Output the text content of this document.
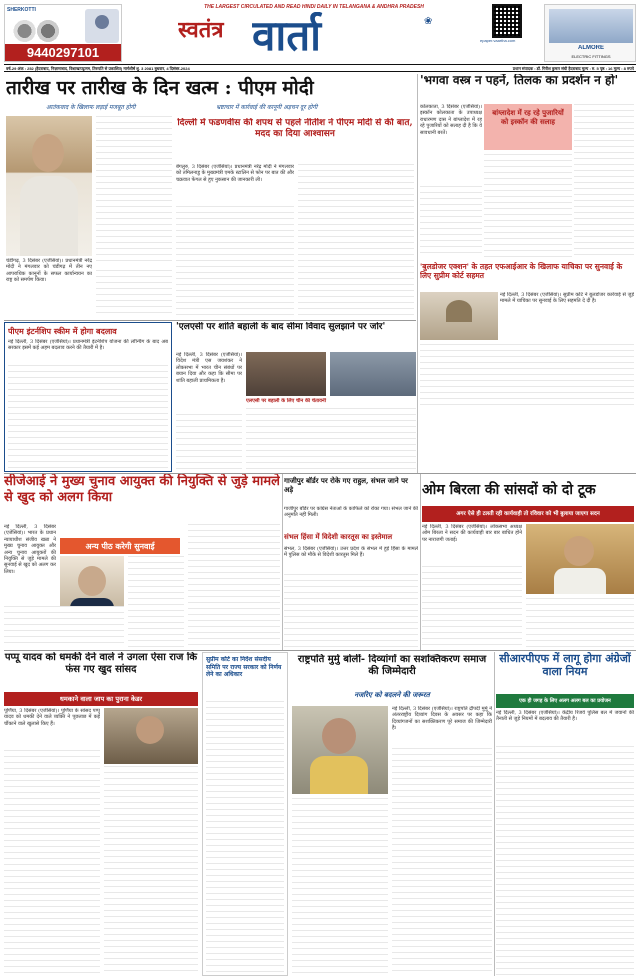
SHERKOTTI
9440297101
THE LARGEST CIRCULATED AND READ HINDI DAILY IN TELANGANA & ANDHRA PRADESH
स्वतंत्र वार्ता	❀
epaper.vaartha.com
ALMORE
ELECTRIC FITTINGS
वर्ष-29 अंक : 252 (हैदराबाद, निज़ामाबाद, विशाखापट्टणम, तिरुपति से प्रकाशित) मार्गशीर्ष शु. 3 2081 बुधवार, 4 दिसंबर-2024	प्रधान संपादक : डॉ. गिरीश कुमार संघी हैदराबाद मूल्य : रु. 5 पृष्ठ : 16 मूल्य : 8 रुपये
तारीख पर तारीख के दिन खत्म : पीएम मोदी
आतंकवाद के खिलाफ लड़ाई मजबूत होगी	भ्रष्टाचार में कार्रवाई की कानूनी अड़चन दूर होगी
चंडीगढ़, 3 दिसंबर (एजेंसियां)। प्रधानमंत्री नरेंद्र मोदी ने मंगलवार को चंडीगढ़ में तीन नए आपराधिक कानूनों के सफल कार्यान्वयन का राष्ट्र को समर्पण किया।
दिल्ली में फडणवीस की शपथ से पहले नीतीश ने पीएम मोदी से की बात, मदद का दिया आश्वासन
बेंगलुरु, 3 दिसंबर (एजेंसियां)। प्रधानमंत्री नरेंद्र मोदी ने मंगलवार को तमिलनाडु के मुख्यमंत्री एमके स्टालिन से फोन पर बात की और चक्रवात फेंगल से हुए नुकसान की जानकारी ली।
'भगवा वस्त्र न पहनें, तिलक का प्रदर्शन न हो'
बांग्लादेश में रह रहे पुजारियों को इस्कॉन की सलाह
कोलकाता, 3 दिसंबर (एजेंसियां)। इस्कॉन कोलकाता के उपाध्यक्ष राधारमण दास ने बांग्लादेश में रह रहे पुजारियों को सलाह दी है कि वे सावधानी बरतें।
'बुलडोजर एक्शन' के तहत एफआईआर के खिलाफ याचिका पर सुनवाई के लिए सुप्रीम कोर्ट सहमत
नई दिल्ली, 3 दिसंबर (एजेंसियां)। सुप्रीम कोर्ट ने बुलडोजर कार्रवाई से जुड़े मामले में याचिका पर सुनवाई के लिए सहमति दे दी है।
पीएम इंटर्नशिप स्कीम में होगा बदलाव
नई दिल्ली, 3 दिसंबर (एजेंसियां)। प्रधानमंत्री इंटर्नशिप योजना की लॉन्चिंग के बाद अब सरकार इसमें कई अहम बदलाव करने की तैयारी में है।
'एलएसी पर शांति बहाली के बाद सीमा विवाद सुलझाने पर जोर'
नई दिल्ली, 3 दिसंबर (एजेंसियां)। विदेश मंत्री एस जयशंकर ने लोकसभा में भारत चीन संबंधों पर बयान दिया और कहा कि सीमा पर शांति बहाली प्राथमिकता है।
एलएसी पर बहाली के लिए चीन की चेतावनी
सीजेआई ने मुख्य चुनाव आयुक्त की नियुक्ति से जुड़े मामले से खुद को अलग किया
अन्य पीठ करेगी सुनवाई
नई दिल्ली, 3 दिसंबर (एजेंसियां)। भारत के प्रधान न्यायाधीश संजीव खन्ना ने मुख्य चुनाव आयुक्त और अन्य चुनाव आयुक्तों की नियुक्ति से जुड़े मामले की सुनवाई से खुद को अलग कर लिया।
गाजीपुर बॉर्डर पर रोके गए राहुल, संभल जाने पर अड़े
गाजीपुर बॉर्डर पर कांग्रेस नेताओं के काफिले को रोका गया। संभल जाने की अनुमति नहीं मिली।
संभल हिंसा में विदेशी कारतूस का इस्तेमाल
संभल, 3 दिसंबर (एजेंसियां)। उत्तर प्रदेश के संभल में हुई हिंसा के मामले में पुलिस को मौके से विदेशी कारतूस मिले हैं।
ओम बिरला की सांसदों को दो टूक
अगर ऐसे ही टलती रही कार्यवाही तो रविवार को भी बुलाया जाएगा सदन
नई दिल्ली, 3 दिसंबर (एजेंसियां)। लोकसभा अध्यक्ष ओम बिरला ने सदन की कार्यवाही बार बार बाधित होने पर नाराजगी जताई।
पप्पू यादव को धमकी देने वाले ने उगला ऐसा राज कि फंस गए खुद सांसद
धमकाने वाला जाप का पुराना केडर
पूर्णिया, 3 दिसंबर (एजेंसियां)। पूर्णिया के सांसद पप्पू यादव को धमकी देने वाले व्यक्ति ने पूछताछ में कई चौंकाने वाले खुलासे किए हैं।
सुप्रीम कोर्ट का निर्देश संसदीय समिति पर राज्य सरकार को निर्णय लेने का अधिकार
राष्ट्रपति मुर्मु बोलीं- दिव्यांगों का सशक्तिकरण समाज की जिम्मेदारी
नजरिए को बदलने की जरूरत
नई दिल्ली, 3 दिसंबर (एजेंसियां)। राष्ट्रपति द्रौपदी मुर्मु ने अंतरराष्ट्रीय दिव्यांग दिवस के अवसर पर कहा कि दिव्यांगजनों का सशक्तिकरण पूरे समाज की जिम्मेदारी है।
सीआरपीएफ में लागू होगा अंग्रेजों वाला नियम
एक ही जगह के लिए अलग अलग बल का प्रयोजन
नई दिल्ली, 3 दिसंबर (एजेंसियां)। केंद्रीय रिजर्व पुलिस बल में जवानों की तैनाती से जुड़े नियमों में बदलाव की तैयारी है।
